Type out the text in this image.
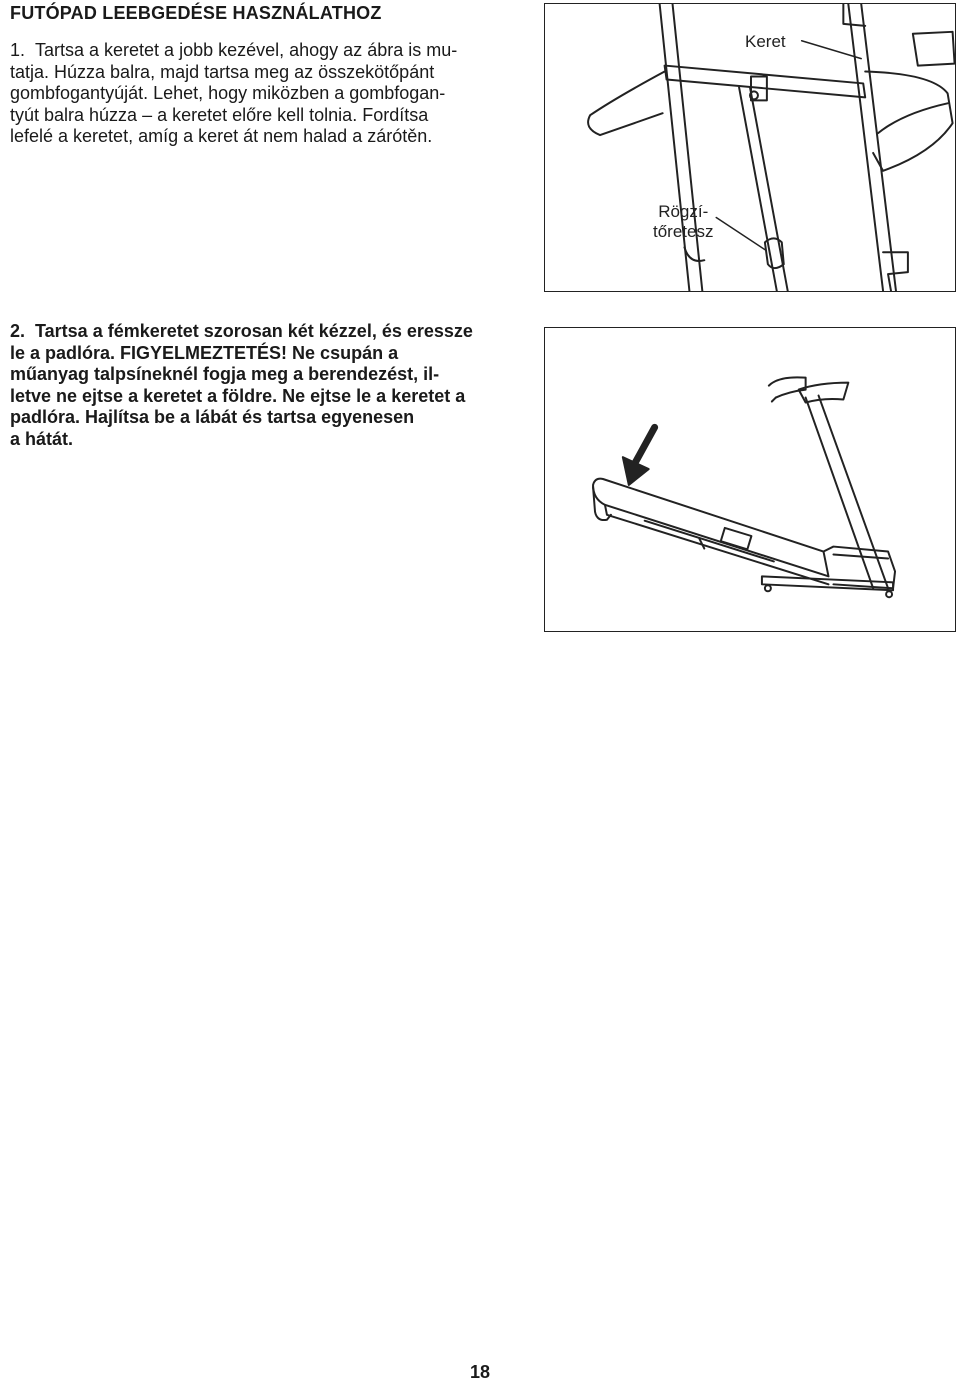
FUTÓPAD LEEBGEDÉSE HASZNÁLATHOZ
1. Tartsa a keretet a jobb kezével, ahogy az ábra is mu-
tatja. Húzza balra, majd tartsa meg az összekötőpánt
gombfogantyúját. Lehet, hogy miközben a gombfogan-
tyút balra húzza – a keretet előre kell tolnia. Fordítsa
lefelé a keretet, amíg a keret át nem halad a zárótěn.
Keret
Rögzí-
tőretesz
2. Tartsa a fémkeretet szorosan két kézzel, és eressze
le a padlóra. FIGYELMEZTETÉS! Ne csupán a
műanyag talpsíneknél fogja meg a berendezést, il-
letve ne ejtse a keretet a földre. Ne ejtse le a keretet a
padlóra. Hajlítsa be a lábát és tartsa egyenesen
a hátát.
18
